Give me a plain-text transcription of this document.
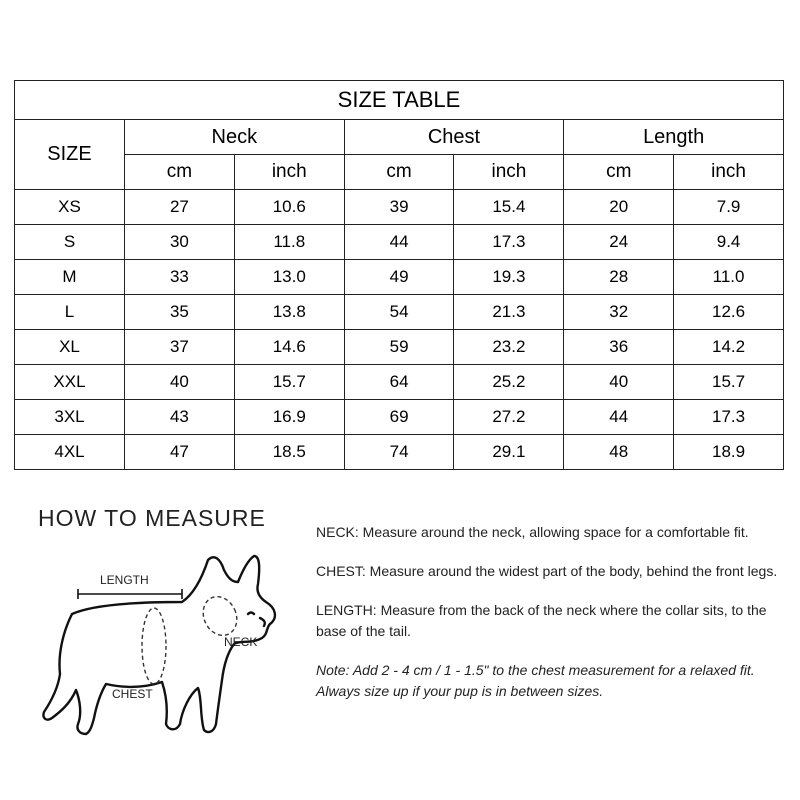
SIZE TABLE						
SIZE	Neck		Chest		Length	
	cm	inch	cm	inch	cm	inch
XS	27	10.6	39	15.4	20	7.9
S	30	11.8	44	17.3	24	9.4
M	33	13.0	49	19.3	28	11.0
L	35	13.8	54	21.3	32	12.6
XL	37	14.6	59	23.2	36	14.2
XXL	40	15.7	64	25.2	40	15.7
3XL	43	16.9	69	27.2	44	17.3
4XL	47	18.5	74	29.1	48	18.9
HOW TO MEASURE
LENGTH
NECK
CHEST

NECK: Measure around the neck, allowing space for a comfortable fit.

CHEST: Measure around the widest part of the body, behind the front legs.

LENGTH: Measure from the back of the neck where the collar sits, to the base of the tail.

Note: Add 2 - 4 cm / 1 - 1.5" to the chest measurement for a relaxed fit. Always size up if your pup is in between sizes.
